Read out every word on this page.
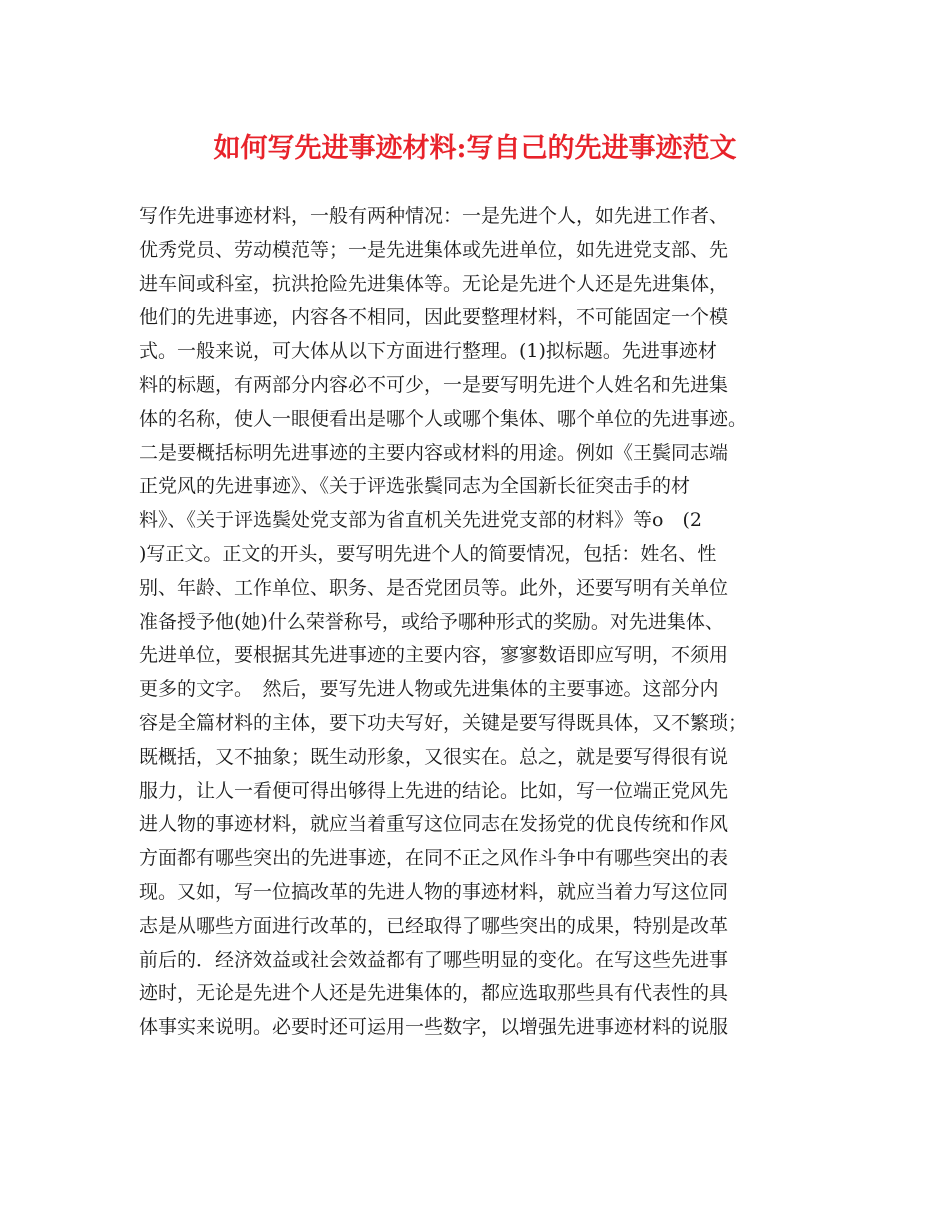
如何写先进事迹材料:写自己的先进事迹范文
写作先进事迹材料，一般有两种情况：一是先进个人，如先进工作者、
优秀党员、劳动模范等；一是先进集体或先进单位，如先进党支部、先
进车间或科室，抗洪抢险先进集体等。无论是先进个人还是先进集体，
他们的先进事迹，内容各不相同，因此要整理材料，不可能固定一个模
式。一般来说，可大体从以下方面进行整理。(1)拟标题。先进事迹材
料的标题，有两部分内容必不可少，一是要写明先进个人姓名和先进集
体的名称，使人一眼便看出是哪个人或哪个集体、哪个单位的先进事迹。
二是要概括标明先进事迹的主要内容或材料的用途。例如《王鬓同志端
正党风的先进事迹》、《关于评选张鬓同志为全国新长征突击手的材
料》、《关于评选鬓处党支部为省直机关先进党支部的材料》等o　(2
)写正文。正文的开头，要写明先进个人的简要情况，包括：姓名、性
别、年龄、工作单位、职务、是否党团员等。此外，还要写明有关单位
准备授予他(她)什么荣誉称号，或给予哪种形式的奖励。对先进集体、
先进单位，要根据其先进事迹的主要内容，寥寥数语即应写明，不须用
更多的文字。　然后，要写先进人物或先进集体的主要事迹。这部分内
容是全篇材料的主体，要下功夫写好，关键是要写得既具体，又不繁琐；
既概括，又不抽象；既生动形象，又很实在。总之，就是要写得很有说
服力，让人一看便可得出够得上先进的结论。比如，写一位端正党风先
进人物的事迹材料，就应当着重写这位同志在发扬党的优良传统和作风
方面都有哪些突出的先进事迹，在同不正之风作斗争中有哪些突出的表
现。又如，写一位搞改革的先进人物的事迹材料，就应当着力写这位同
志是从哪些方面进行改革的，已经取得了哪些突出的成果，特别是改革
前后的．经济效益或社会效益都有了哪些明显的变化。在写这些先进事
迹时，无论是先进个人还是先进集体的，都应选取那些具有代表性的具
体事实来说明。必要时还可运用一些数字，以增强先进事迹材料的说服
